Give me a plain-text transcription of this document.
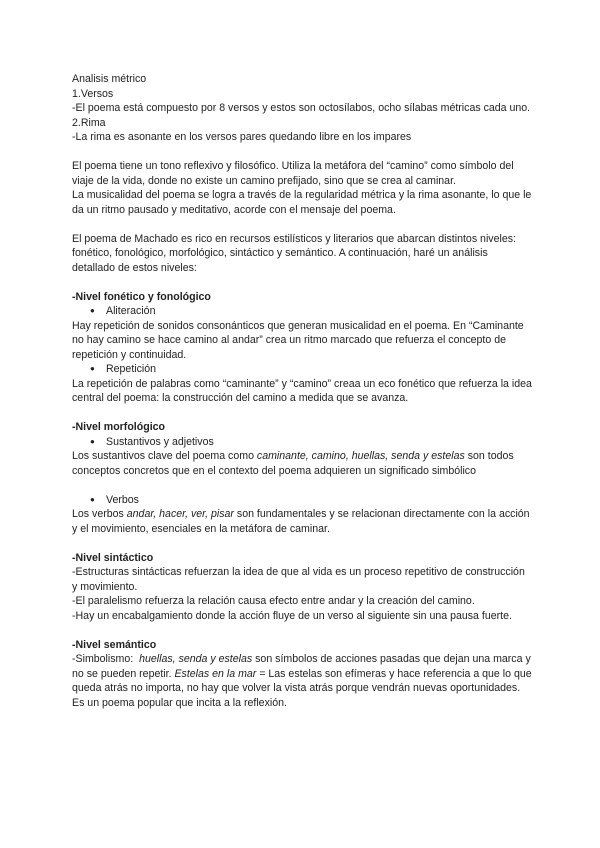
Analisis métrico

1.Versos

-El poema está compuesto por 8 versos y estos son octosílabos, ocho sílabas métricas cada uno.

2.Rima

-La rima es asonante en los versos pares quedando libre en los impares

El poema tiene un tono reflexivo y filosófico. Utiliza la metáfora del “camino” como símbolo del viaje de la vida, donde no existe un camino prefijado, sino que se crea al caminar.

La musicalidad del poema se logra a través de la regularidad métrica y la rima asonante, lo que le da un ritmo pausado y meditativo, acorde con el mensaje del poema.

El poema de Machado es rico en recursos estilísticos y literarios que abarcan distintos niveles: fonético, fonológico, morfológico, sintáctico y semántico. A continuación, haré un análisis detallado de estos niveles:

-Nivel fonético y fonológico

●	Aliteración

Hay repetición de sonidos consonánticos que generan musicalidad en el poema. En “Caminante no hay camino se hace camino al andar” crea un ritmo marcado que refuerza el concepto de repetición y continuidad.

●	Repetición

La repetición de palabras como “caminante” y “camino” creaa un eco fonético que refuerza la idea central del poema: la construcción del camino a medida que se avanza.

-Nivel morfológico

●	Sustantivos y adjetivos

Los sustantivos clave del poema como caminante, camino, huellas, senda y estelas son todos conceptos concretos que en el contexto del poema adquieren un significado simbólico

●	Verbos

Los verbos andar, hacer, ver, pisar son fundamentales y se relacionan directamente con la acción y el movimiento, esenciales en la metáfora de caminar.

-Nivel sintáctico

-Estructuras sintácticas refuerzan la idea de que al vida es un proceso repetitivo de construcción y movimiento.

-El paralelismo refuerza la relación causa efecto entre andar y la creación del camino.

-Hay un encabalgamiento donde la acción fluye de un verso al siguiente sin una pausa fuerte.

-Nivel semántico

-Simbolismo:  huellas, senda y estelas son símbolos de acciones pasadas que dejan una marca y no se pueden repetir. Estelas en la mar = Las estelas son efímeras y hace referencia a que lo que queda atrás no importa, no hay que volver la vista atrás porque vendrán nuevas oportunidades.

Es un poema popular que incita a la reflexión.
